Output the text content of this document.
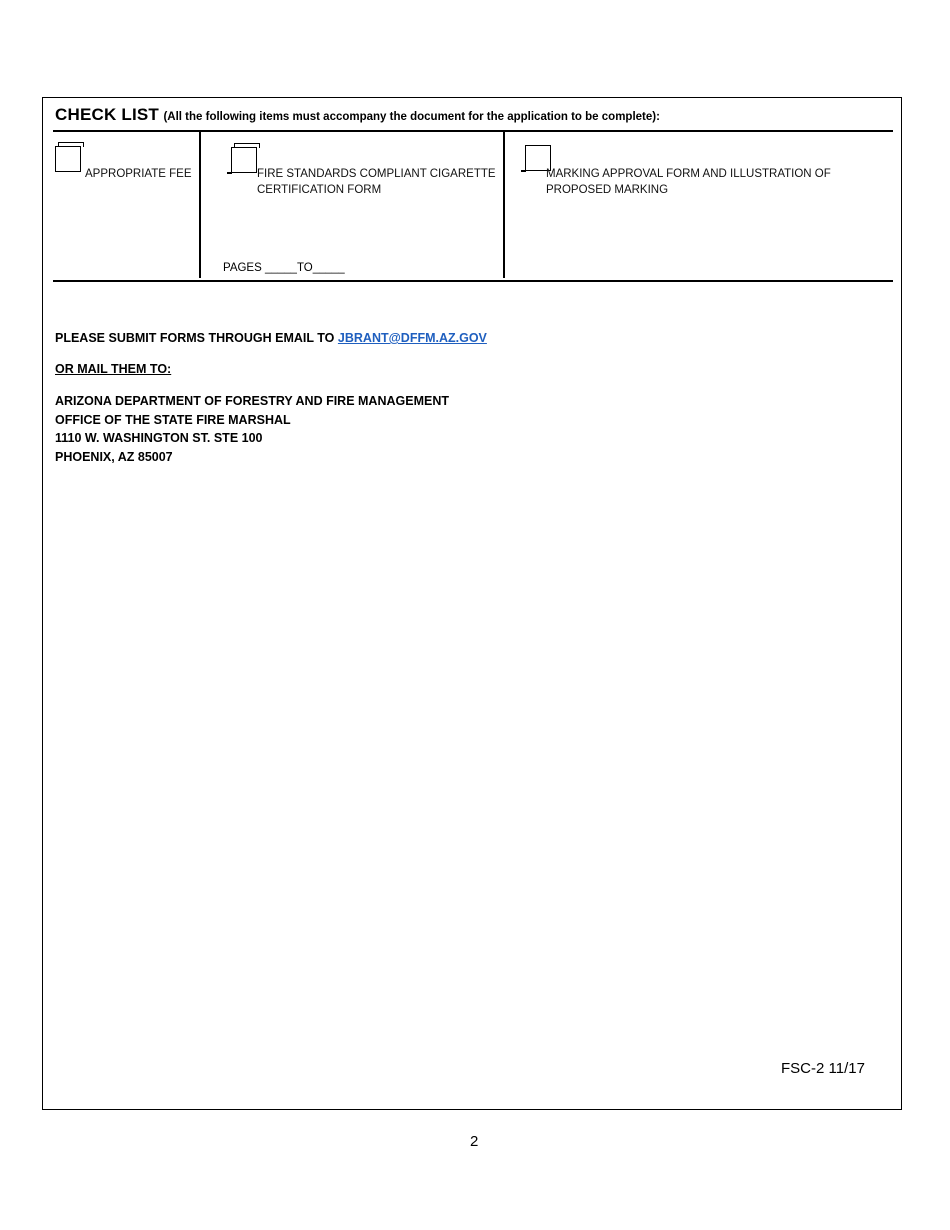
CHECK LIST (All the following items must accompany the document for the application to be complete):
APPROPRIATE FEE	FIRE STANDARDS COMPLIANT CIGARETTE CERTIFICATION FORM
PAGES _____TO_____
MARKING APPROVAL FORM AND ILLUSTRATION OF PROPOSED MARKING
PLEASE SUBMIT FORMS THROUGH EMAIL TO JBRANT@DFFM.AZ.GOV
OR MAIL THEM TO:
ARIZONA DEPARTMENT OF FORESTRY AND FIRE MANAGEMENT
OFFICE OF THE STATE FIRE MARSHAL
1110 W. WASHINGTON ST. STE 100
PHOENIX, AZ 85007
FSC-2 11/17
2
